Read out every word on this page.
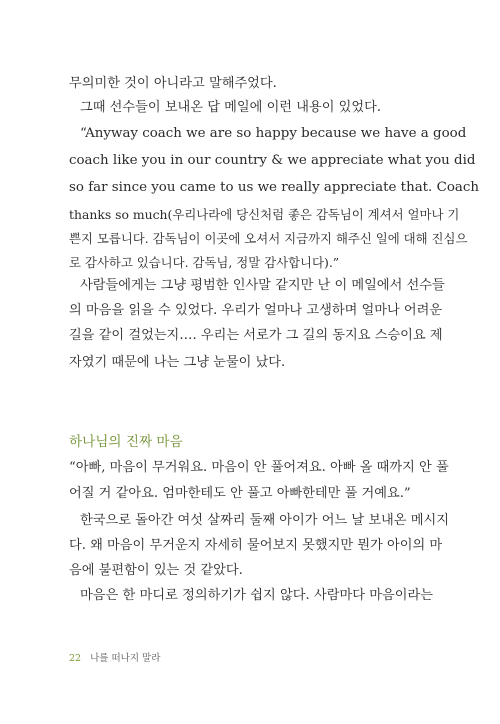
무의미한 것이 아니라고 말해주었다.
그때 선수들이 보내온 답 메일에 이런 내용이 있었다.
“Anyway coach we are so happy because we have a good
coach like you in our country & we appreciate what you did
so far since you came to us we really appreciate that. Coach
thanks so much(우리나라에 당신처럼 좋은 감독님이 계셔서 얼마나 기
쁜지 모릅니다. 감독님이 이곳에 오셔서 지금까지 해주신 일에 대해 진심으
로 감사하고 있습니다. 감독님, 정말 감사합니다).”
사람들에게는 그냥 평범한 인사말 같지만 난 이 메일에서 선수들
의 마음을 읽을 수 있었다. 우리가 얼마나 고생하며 얼마나 어려운
길을 같이 걸었는지…. 우리는 서로가 그 길의 동지요 스승이요 제
자였기 때문에 나는 그냥 눈물이 났다.
하나님의 진짜 마음
“아빠, 마음이 무거워요. 마음이 안 풀어져요. 아빠 올 때까지 안 풀
어질 거 같아요. 엄마한테도 안 풀고 아빠한테만 풀 거예요.”
한국으로 돌아간 여섯 살짜리 둘째 아이가 어느 날 보내온 메시지
다. 왜 마음이 무거운지 자세히 물어보지 못했지만 뭔가 아이의 마
음에 불편함이 있는 것 같았다.
마음은 한 마디로 정의하기가 쉽지 않다. 사람마다 마음이라는
22 나를 떠나지 말라
